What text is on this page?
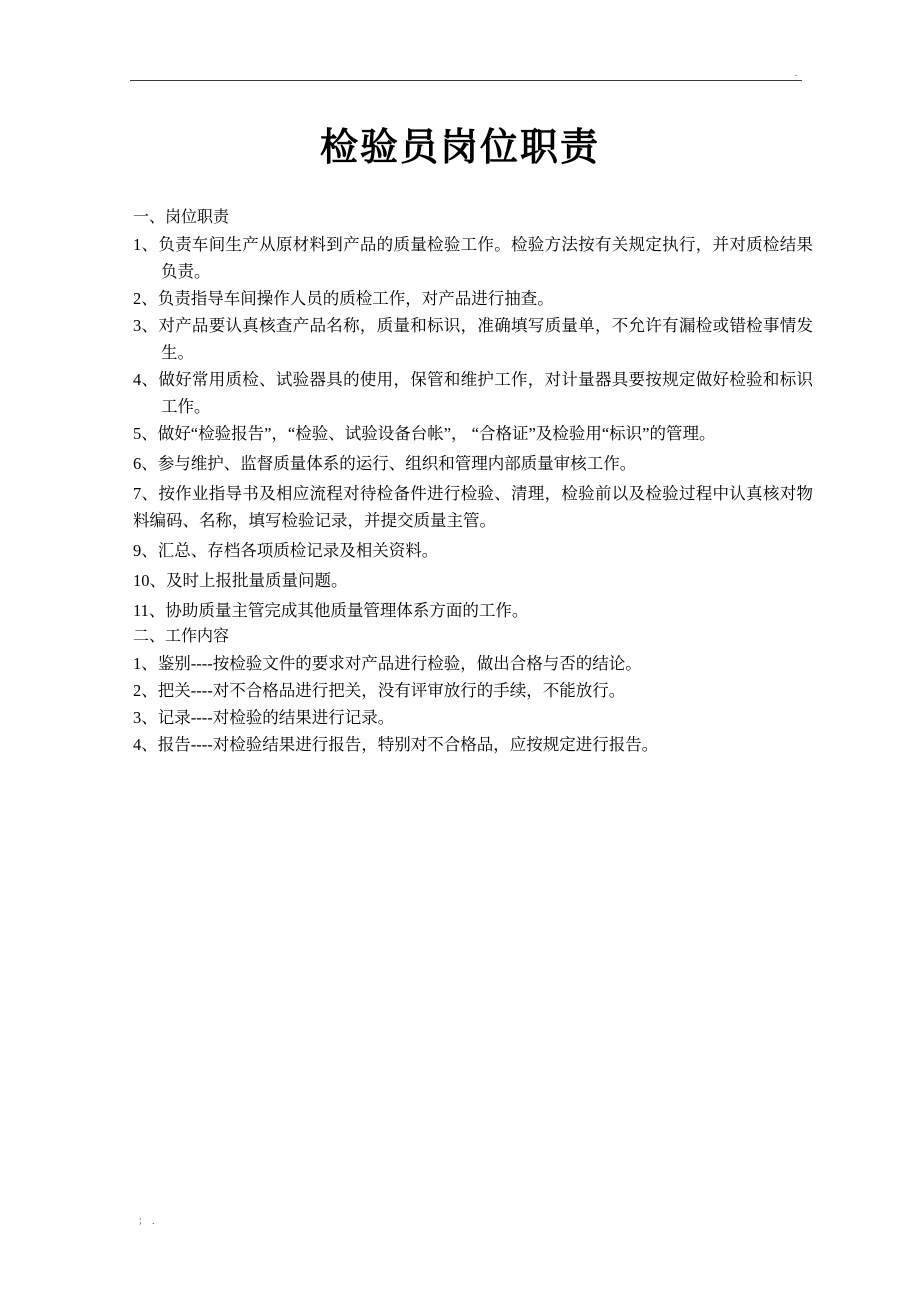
.
检验员岗位职责

一、岗位职责

1、负责车间生产从原材料到产品的质量检验工作。检验方法按有关规定执行，并对质检结果负责。

2、负责指导车间操作人员的质检工作，对产品进行抽查。

3、对产品要认真核查产品名称，质量和标识，准确填写质量单，不允许有漏检或错检事情发生。

4、做好常用质检、试验器具的使用，保管和维护工作，对计量器具要按规定做好检验和标识工作。

5、做好“检验报告”，“检验、试验设备台帐”， “合格证”及检验用“标识”的管理。

6、参与维护、监督质量体系的运行、组织和管理内部质量审核工作。

7、按作业指导书及相应流程对待检备件进行检验、清理，检验前以及检验过程中认真核对物料编码、名称，填写检验记录，并提交质量主管。

9、汇总、存档各项质检记录及相关资料。

10、及时上报批量质量问题。

11、协助质量主管完成其他质量管理体系方面的工作。

二、工作内容

1、鉴别----按检验文件的要求对产品进行检验，做出合格与否的结论。

2、把关----对不合格品进行把关，没有评审放行的手续，不能放行。

3、记录----对检验的结果进行记录。

4、报告----对检验结果进行报告，特别对不合格品，应按规定进行报告。

；.
